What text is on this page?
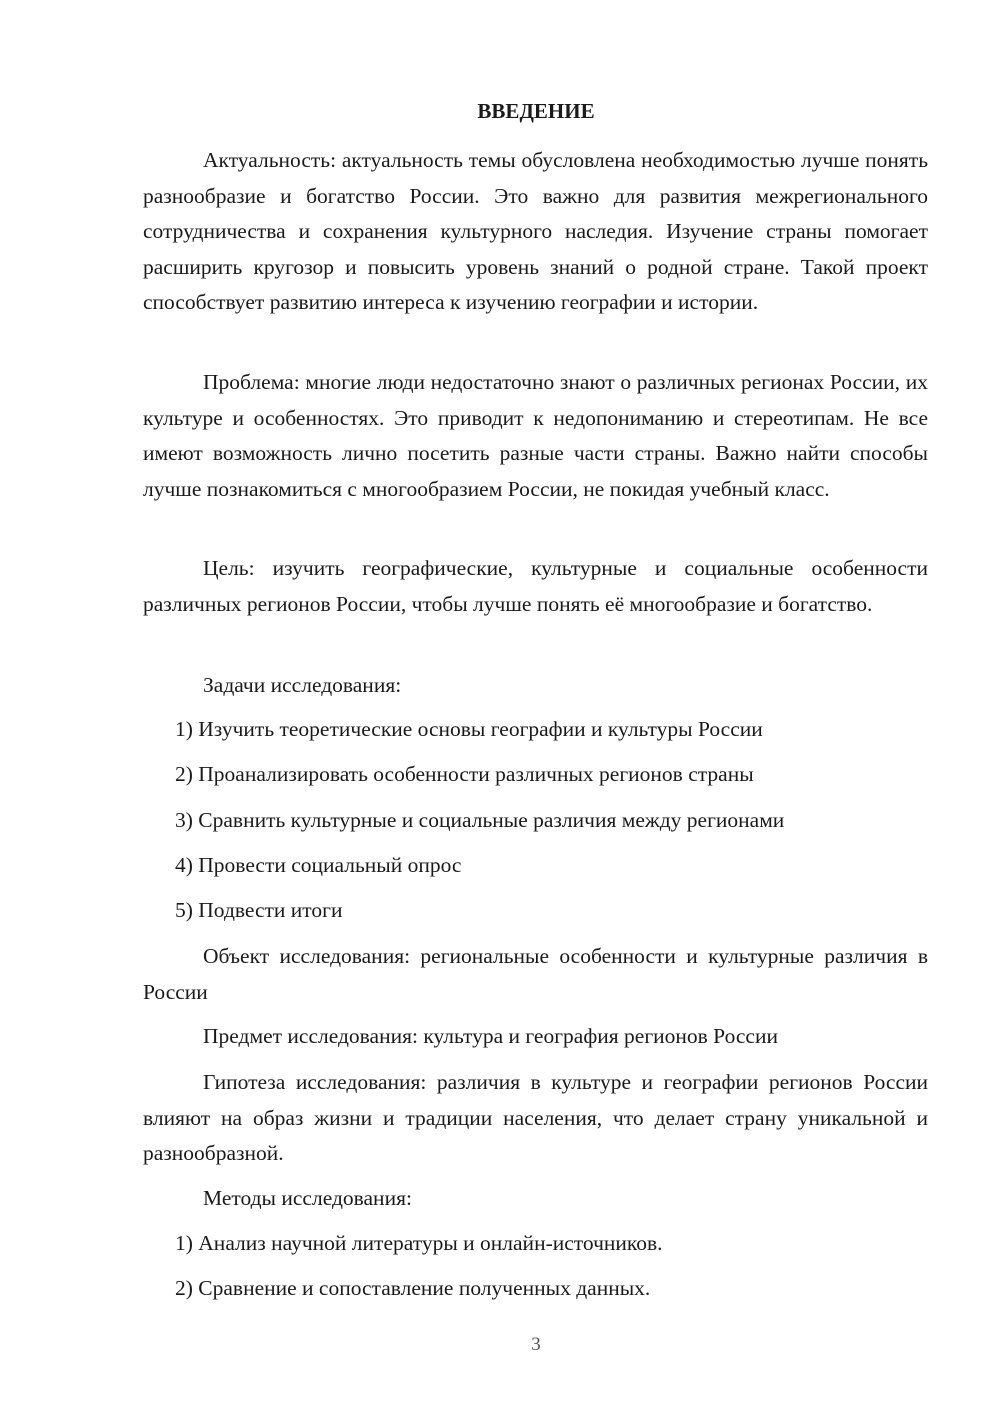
ВВЕДЕНИЕ

Актуальность: актуальность темы обусловлена необходимостью лучше понять разнообразие и богатство России. Это важно для развития межрегионального сотрудничества и сохранения культурного наследия. Изучение страны помогает расширить кругозор и повысить уровень знаний о родной стране. Такой проект способствует развитию интереса к изучению географии и истории.

Проблема: многие люди недостаточно знают о различных регионах России, их культуре и особенностях. Это приводит к недопониманию и стереотипам. Не все имеют возможность лично посетить разные части страны. Важно найти способы лучше познакомиться с многообразием России, не покидая учебный класс.

Цель: изучить географические, культурные и социальные особенности различных регионов России, чтобы лучше понять её многообразие и богатство.

Задачи исследования:

1) Изучить теоретические основы географии и культуры России

2) Проанализировать особенности различных регионов страны

3) Сравнить культурные и социальные различия между регионами

4) Провести социальный опрос

5) Подвести итоги

Объект исследования: региональные особенности и культурные различия в России

Предмет исследования: культура и география регионов России

Гипотеза исследования: различия в культуре и географии регионов России влияют на образ жизни и традиции населения, что делает страну уникальной и разнообразной.

Методы исследования:

1) Анализ научной литературы и онлайн-источников.

2) Сравнение и сопоставление полученных данных.

3
